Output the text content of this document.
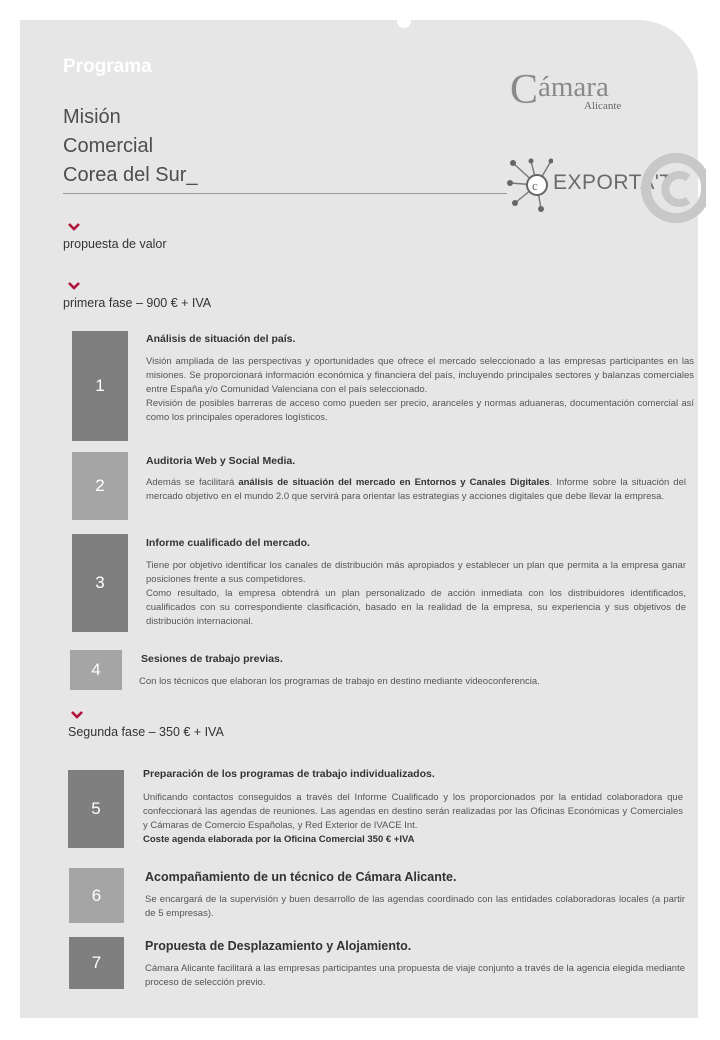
Programa
Misión
Comercial
Corea del Sur_
C ámara
Alicante
c EXPORTA'T
propuesta de valor
primera fase – 900 € + IVA
1
Análisis de situación del país.

Visión ampliada de las perspectivas y oportunidades que ofrece el mercado seleccionado a las empresas participantes en las misiones. Se proporcionará información económica y financiera del país, incluyendo principales sectores y balanzas comerciales entre España y/o Comunidad Valenciana con el país seleccionado.

Revisión de posibles barreras de acceso como pueden ser precio, aranceles y normas aduaneras, documentación comercial así como los principales operadores logísticos.

2
Auditoria Web y Social Media.
Además se facilitará análisis de situación del mercado en Entornos y Canales Digitales. Informe sobre la situación del mercado objetivo en el mundo 2.0 que servirá para orientar las estrategias y acciones digitales que debe llevar la empresa.
3
Informe cualificado del mercado.

Tiene por objetivo identificar los canales de distribución más apropiados y establecer un plan que permita a la empresa ganar posiciones frente a sus competidores.

Como resultado, la empresa obtendrá un plan personalizado de acción inmediata con los distribuidores identificados, cualificados con su correspondiente clasificación, basado en la realidad de la empresa, su experiencia y sus objetivos de distribución internacional.

4
Sesiones de trabajo previas.

Con los técnicos que elaboran los programas de trabajo en destino mediante videoconferencia.

Segunda fase – 350 € + IVA
5
Preparación de los programas de trabajo individualizados.

Unificando contactos conseguidos a través del Informe Cualificado y los proporcionados por la entidad colaboradora que confeccionará las agendas de reuniones. Las agendas en destino serán realizadas por las Oficinas Económicas y Comerciales y Cámaras de Comercio Españolas, y Red Exterior de IVACE Int.

Coste agenda elaborada por la Oficina Comercial 350 € +IVA

6
Acompañamiento de un técnico de Cámara Alicante.

Se encargará de la supervisión y buen desarrollo de las agendas coordinado con las entidades colaboradoras locales (a partir de 5 empresas).

7
Propuesta de Desplazamiento y Alojamiento.

Cámara Alicante facilitará a las empresas participantes una propuesta de viaje conjunto a través de la agencia elegida mediante proceso de selección previo.
